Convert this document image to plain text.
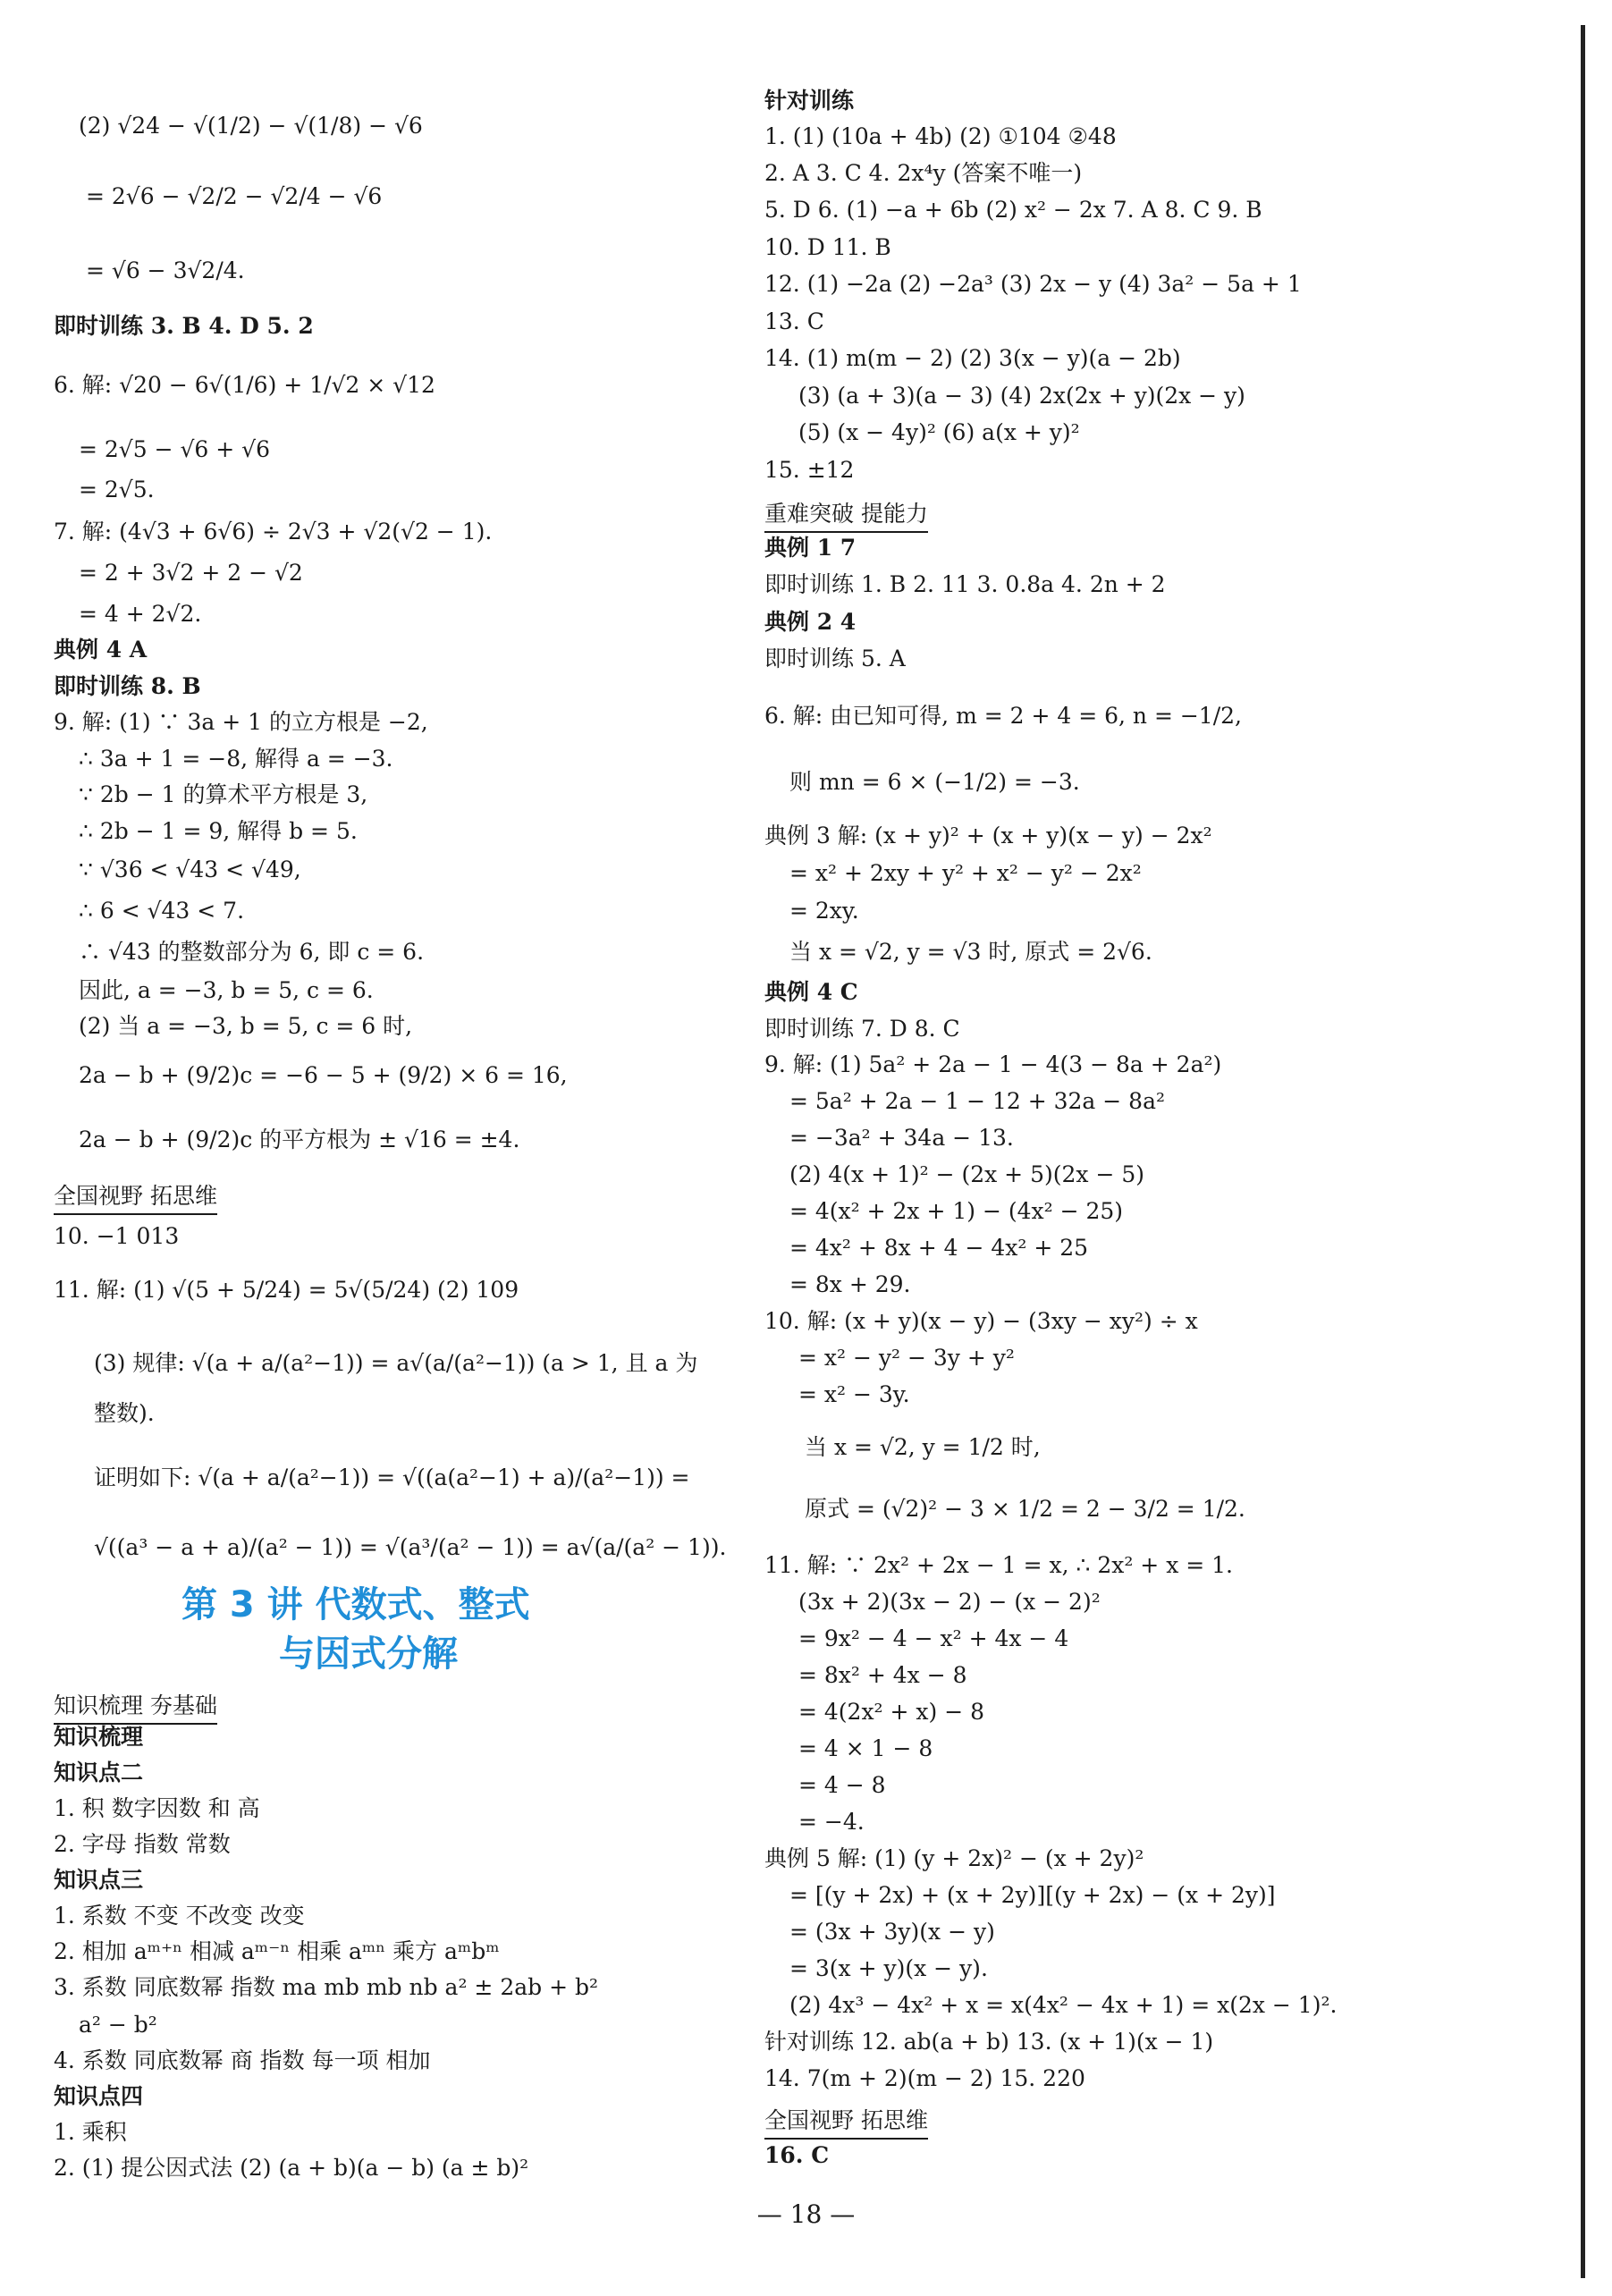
(2) √24 − √(1/2) − √(1/8) − √6
= 2√6 − √2/2 − √2/4 − √6
= √6 − 3√2/4.
即时训练 3. B 4. D 5. 2
6. 解: √20 − 6√(1/6) + 1/√2 × √12
= 2√5 − √6 + √6
= 2√5.
7. 解: (4√3 + 6√6) ÷ 2√3 + √2(√2 − 1).
= 2 + 3√2 + 2 − √2
= 4 + 2√2.
典例 4 A
即时训练 8. B
9. 解: (1) ∵ 3a + 1 的立方根是 −2,
∴ 3a + 1 = −8, 解得 a = −3.
∵ 2b − 1 的算术平方根是 3,
∴ 2b − 1 = 9, 解得 b = 5.
∵ √36 < √43 < √49,
∴ 6 < √43 < 7.
∴ √43 的整数部分为 6, 即 c = 6.
因此, a = −3, b = 5, c = 6.
(2) 当 a = −3, b = 5, c = 6 时,
2a − b + (9/2)c = −6 − 5 + (9/2) × 6 = 16,
2a − b + (9/2)c 的平方根为 ± √16 = ±4.
全国视野 拓思维
10. −1 013
11. 解: (1) √(5 + 5/24) = 5√(5/24) (2) 109
(3) 规律: √(a + a/(a²−1)) = a√(a/(a²−1)) (a > 1, 且 a 为
整数).
证明如下: √(a + a/(a²−1)) = √((a(a²−1) + a)/(a²−1)) =
√((a³ − a + a)/(a² − 1)) = √(a³/(a² − 1)) = a√(a/(a² − 1)).
第 3 讲 代数式、整式
与因式分解
知识梳理 夯基础
知识梳理
知识点二
1. 积 数字因数 和 高
2. 字母 指数 常数
知识点三
1. 系数 不变 不改变 改变
2. 相加 aᵐ⁺ⁿ 相减 aᵐ⁻ⁿ 相乘 aᵐⁿ 乘方 aᵐbᵐ
3. 系数 同底数幂 指数 ma mb mb nb a² ± 2ab + b²
a² − b²
4. 系数 同底数幂 商 指数 每一项 相加
知识点四
1. 乘积
2. (1) 提公因式法 (2) (a + b)(a − b) (a ± b)²
针对训练
1. (1) (10a + 4b) (2) ①104 ②48
2. A 3. C 4. 2x⁴y (答案不唯一)
5. D 6. (1) −a + 6b (2) x² − 2x 7. A 8. C 9. B
10. D 11. B
12. (1) −2a (2) −2a³ (3) 2x − y (4) 3a² − 5a + 1
13. C
14. (1) m(m − 2) (2) 3(x − y)(a − 2b)
(3) (a + 3)(a − 3) (4) 2x(2x + y)(2x − y)
(5) (x − 4y)² (6) a(x + y)²
15. ±12
重难突破 提能力
典例 1 7
即时训练 1. B 2. 11 3. 0.8a 4. 2n + 2
典例 2 4
即时训练 5. A
6. 解: 由已知可得, m = 2 + 4 = 6, n = −1/2,
则 mn = 6 × (−1/2) = −3.
典例 3 解: (x + y)² + (x + y)(x − y) − 2x²
= x² + 2xy + y² + x² − y² − 2x²
= 2xy.
当 x = √2, y = √3 时, 原式 = 2√6.
典例 4 C
即时训练 7. D 8. C
9. 解: (1) 5a² + 2a − 1 − 4(3 − 8a + 2a²)
= 5a² + 2a − 1 − 12 + 32a − 8a²
= −3a² + 34a − 13.
(2) 4(x + 1)² − (2x + 5)(2x − 5)
= 4(x² + 2x + 1) − (4x² − 25)
= 4x² + 8x + 4 − 4x² + 25
= 8x + 29.
10. 解: (x + y)(x − y) − (3xy − xy²) ÷ x
= x² − y² − 3y + y²
= x² − 3y.
当 x = √2, y = 1/2 时,
原式 = (√2)² − 3 × 1/2 = 2 − 3/2 = 1/2.
11. 解: ∵ 2x² + 2x − 1 = x, ∴ 2x² + x = 1.
(3x + 2)(3x − 2) − (x − 2)²
= 9x² − 4 − x² + 4x − 4
= 8x² + 4x − 8
= 4(2x² + x) − 8
= 4 × 1 − 8
= 4 − 8
= −4.
典例 5 解: (1) (y + 2x)² − (x + 2y)²
= [(y + 2x) + (x + 2y)][(y + 2x) − (x + 2y)]
= (3x + 3y)(x − y)
= 3(x + y)(x − y).
(2) 4x³ − 4x² + x = x(4x² − 4x + 1) = x(2x − 1)².
针对训练 12. ab(a + b) 13. (x + 1)(x − 1)
14. 7(m + 2)(m − 2) 15. 220
全国视野 拓思维
16. C
— 18 —
